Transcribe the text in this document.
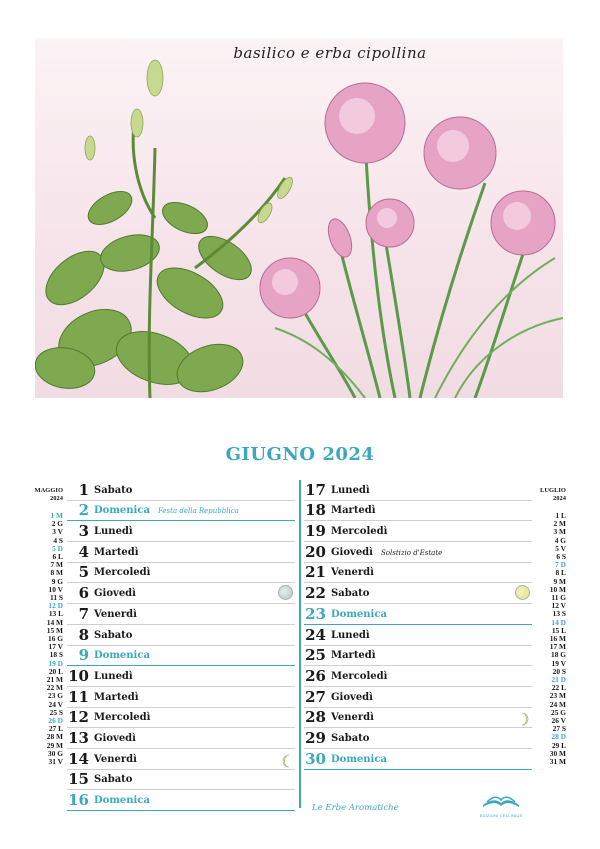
basilico e erba cipollina
GIUGNO 2024
MAGGIO
2024
1 M
2 G
3 V
4 S
5 D
6 L
7 M
8 M
9 G
10 V
11 S
12 D
13 L
14 M
15 M
16 G
17 V
18 S
19 D
20 L
21 M
22 M
23 G
24 V
25 S
26 D
27 L
28 M
29 M
30 G
31 V
LUGLIO
2024
1 L
2 M
3 M
4 G
5 V
6 S
7 D
8 L
9 M
10 M
11 G
12 V
13 S
14 D
15 L
16 M
17 M
18 G
19 V
20 S
21 D
22 L
23 M
24 M
25 G
26 V
27 S
28 D
29 L
30 M
31 M
1 Sabato
2 Domenica Festa della Repubblica
3 Lunedì
4 Martedì
5 Mercoledì
6 Giovedì
7 Venerdì
8 Sabato
9 Domenica
10 Lunedì
11 Martedì
12 Mercoledì
13 Giovedì
14 Venerdì
15 Sabato
16 Domenica
17 Lunedì
18 Martedì
19 Mercoledì
20 Giovedì Solstizio d'Estate
21 Venerdì
22 Sabato
23 Domenica
24 Lunedì
25 Martedì
26 Mercoledì
27 Giovedì
28 Venerdì
29 Sabato
30 Domenica
Le Erbe Aromatiche
EDIZIONI CELLINIUS
